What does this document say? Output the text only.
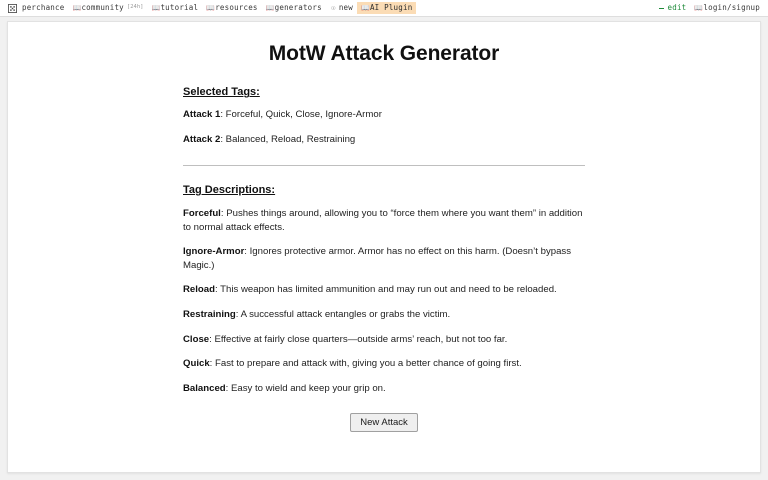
perchance 📖 community [24h] 📖 tutorial 📖 resources 📖 generators ☉ new 📖 AI Plugin	edit 📖 login/signup
MotW Attack Generator
Selected Tags:

Attack 1: Forceful, Quick, Close, Ignore-Armor

Attack 2: Balanced, Reload, Restraining

Tag Descriptions:

Forceful: Pushes things around, allowing you to “force them where you want them” in addition to normal attack effects.

Ignore-Armor: Ignores protective armor. Armor has no effect on this harm. (Doesn’t bypass Magic.)

Reload: This weapon has limited ammunition and may run out and need to be reloaded.

Restraining: A successful attack entangles or grabs the victim.

Close: Effective at fairly close quarters—outside arms’ reach, but not too far.

Quick: Fast to prepare and attack with, giving you a better chance of going first.

Balanced: Easy to wield and keep your grip on.

New Attack
